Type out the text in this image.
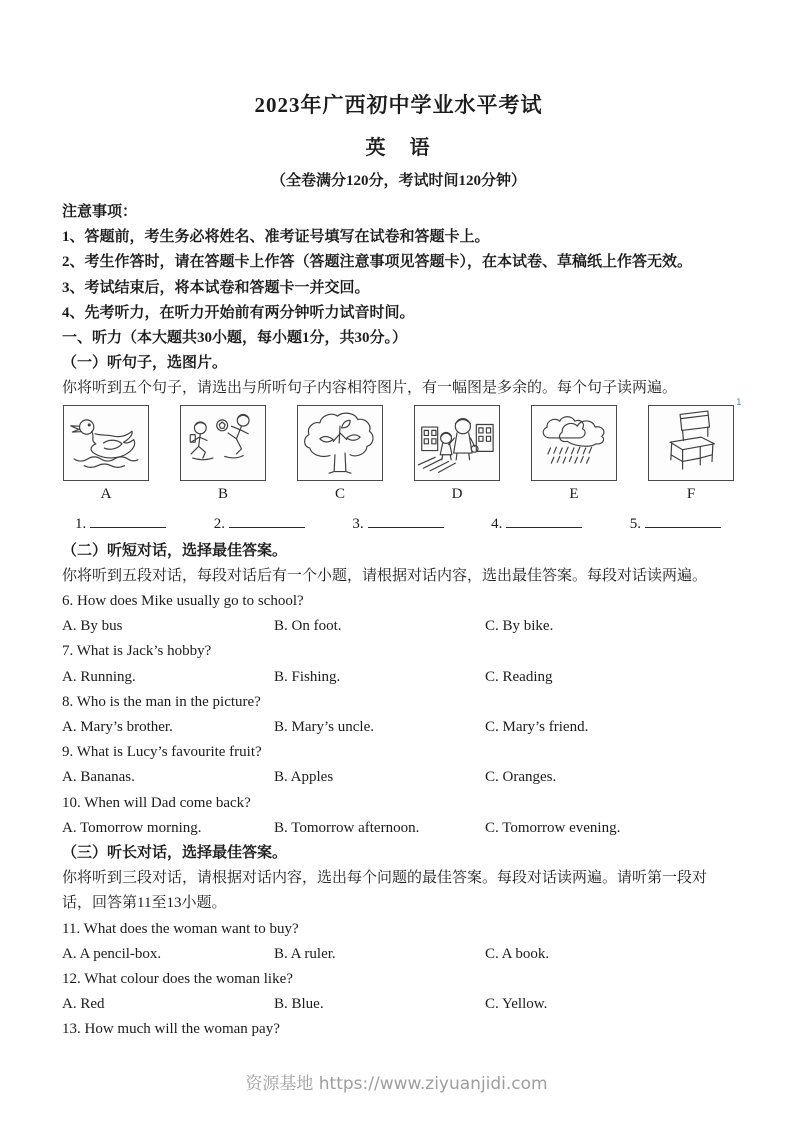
2023年广西初中学业水平考试
英　语
（全卷满分120分，考试时间120分钟）
注意事项：
1、答题前，考生务必将姓名、准考证号填写在试卷和答题卡上。
2、考生作答时，请在答题卡上作答（答题注意事项见答题卡），在本试卷、草稿纸上作答无效。
3、考试结束后，将本试卷和答题卡一并交回。
4、先考听力，在听力开始前有两分钟听力试音时间。
一、听力（本大题共30小题，每小题1分，共30分。）
（一）听句子，选图片。
你将听到五个句子，请选出与所听句子内容相符图片，有一幅图是多余的。每个句子读两遍。
A	B	C	D	E	F
1.	2.	3.	4.	5.
（二）听短对话，选择最佳答案。
你将听到五段对话，每段对话后有一个小题，请根据对话内容，选出最佳答案。每段对话读两遍。
6. How does Mike usually go to school?
A. By bus	B. On foot.	C. By bike.
7. What is Jack’s hobby?
A. Running.	B. Fishing.	C. Reading
8. Who is the man in the picture?
A. Mary’s brother.	B. Mary’s uncle.	C. Mary’s friend.
9. What is Lucy’s favourite fruit?
A. Bananas.	B. Apples	C. Oranges.
10. When will Dad come back?
A. Tomorrow morning.	B. Tomorrow afternoon.	C. Tomorrow evening.
（三）听长对话，选择最佳答案。
你将听到三段对话，请根据对话内容，选出每个问题的最佳答案。每段对话读两遍。请听第一段对话，回答第11至13小题。
11. What does the woman want to buy?
A. A pencil-box.	B. A ruler.	C. A book.
12. What colour does the woman like?
A. Red	B. Blue.	C. Yellow.
13. How much will the woman pay?
1
资源基地 https://www.ziyuanjidi.com
